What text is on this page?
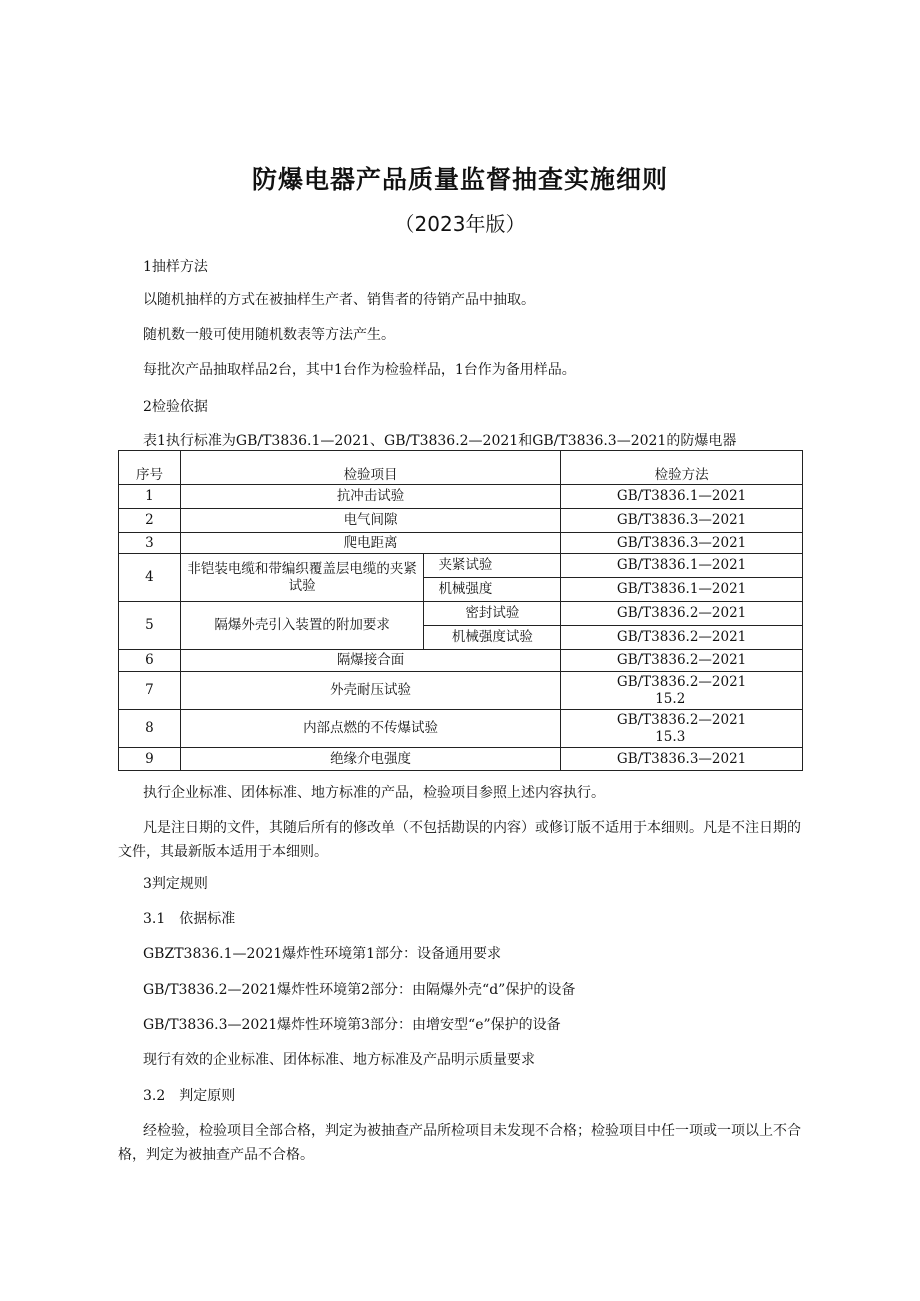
防爆电器产品质量监督抽查实施细则
（2023年版）
1抽样方法
以随机抽样的方式在被抽样生产者、销售者的待销产品中抽取。
随机数一般可使用随机数表等方法产生。
每批次产品抽取样品2台，其中1台作为检验样品，1台作为备用样品。
2检验依据
表1执行标准为GB/T3836.1—2021、GB/T3836.2—2021和GB/T3836.3—2021的防爆电器
序号	检验项目		检验方法
1	抗冲击试验		GB/T3836.1—2021
2	电气间隙		GB/T3836.3—2021
3	爬电距离		GB/T3836.3—2021
4	非铠装电缆和带编织覆盖层电缆的夹紧试验	夹紧试验	GB/T3836.1—2021
		机械强度	GB/T3836.1—2021
5	隔爆外壳引入装置的附加要求	密封试验	GB/T3836.2—2021
		机械强度试验	GB/T3836.2—2021
6	隔爆接合面		GB/T3836.2—2021
7	外壳耐压试验		GB/T3836.2—2021
15.2

8	内部点燃的不传爆试验		GB/T3836.2—2021
15.3

9	绝缘介电强度		GB/T3836.3—2021
执行企业标准、团体标准、地方标准的产品，检验项目参照上述内容执行。
凡是注日期的文件，其随后所有的修改单（不包括勘误的内容）或修订版不适用于本细则。凡是不注日期的文件，其最新版本适用于本细则。
3判定规则
3.1　依据标准
GBZT3836.1—2021爆炸性环境第1部分：设备通用要求
GB/T3836.2—2021爆炸性环境第2部分：由隔爆外壳“d”保护的设备
GB/T3836.3—2021爆炸性环境第3部分：由增安型“e”保护的设备
现行有效的企业标准、团体标准、地方标准及产品明示质量要求
3.2　判定原则
经检验，检验项目全部合格，判定为被抽查产品所检项目未发现不合格；检验项目中任一项或一项以上不合格，判定为被抽查产品不合格。
